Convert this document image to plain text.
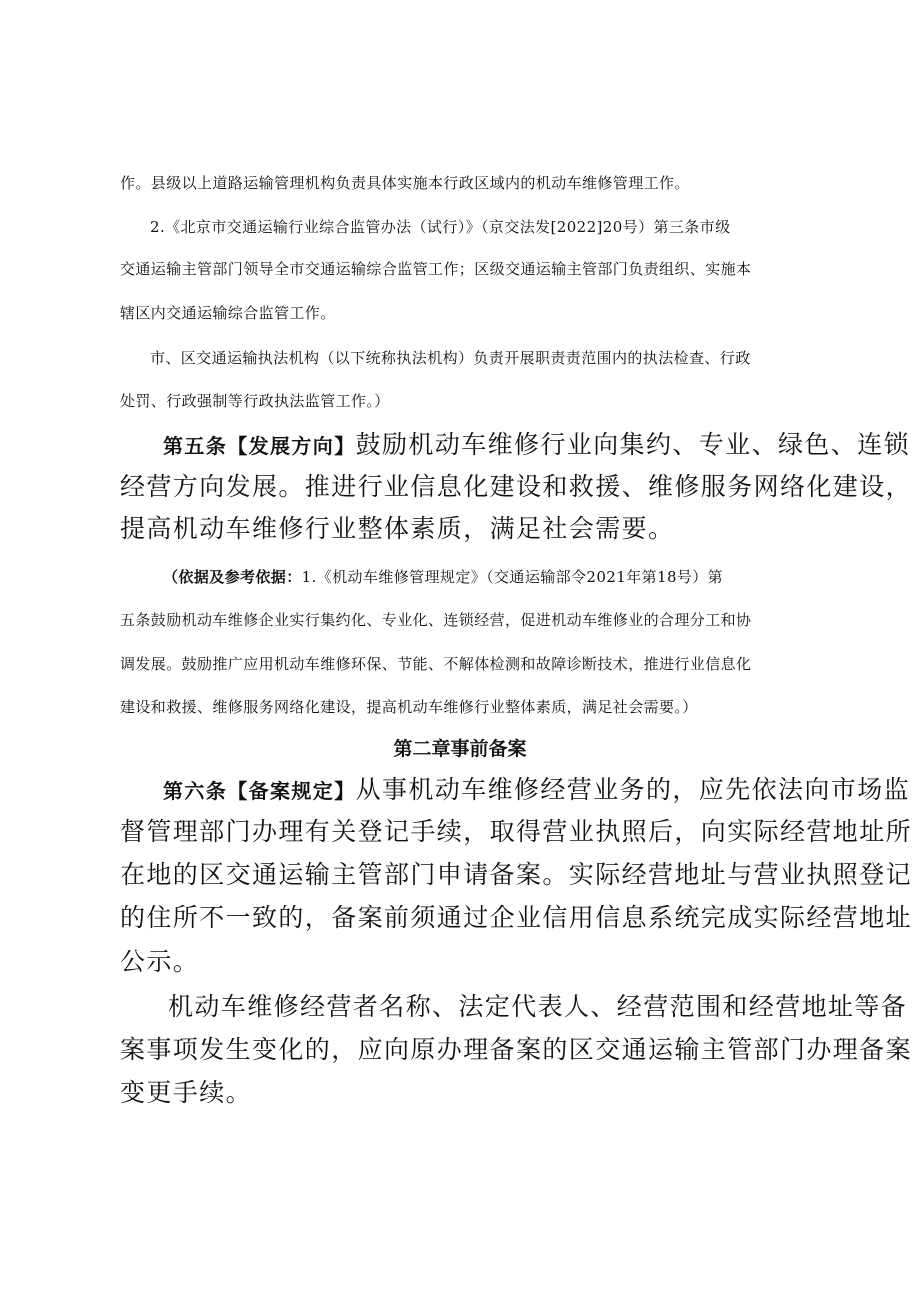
作。县级以上道路运输管理机构负责具体实施本行政区域内的机动车维修管理工作。

2.《北京市交通运输行业综合监管办法（试行）》（京交法发[2022]20号）第三条市级

交通运输主管部门领导全市交通运输综合监管工作；区级交通运输主管部门负责组织、实施本

辖区内交通运输综合监管工作。

市、区交通运输执法机构（以下统称执法机构）负责开展职责责范围内的执法检查、行政

处罚、行政强制等行政执法监管工作。）

第五条【发展方向】鼓励机动车维修行业向集约、专业、绿色、连锁

经营方向发展。推进行业信息化建设和救援、维修服务网络化建设，

提高机动车维修行业整体素质，满足社会需要。

（依据及参考依据：1.《机动车维修管理规定》（交通运输部令2021年第18号）第

五条鼓励机动车维修企业实行集约化、专业化、连锁经营，促进机动车维修业的合理分工和协

调发展。鼓励推广应用机动车维修环保、节能、不解体检测和故障诊断技术，推进行业信息化

建设和救援、维修服务网络化建设，提高机动车维修行业整体素质，满足社会需要。）

第二章事前备案

第六条【备案规定】从事机动车维修经营业务的，应先依法向市场监

督管理部门办理有关登记手续，取得营业执照后，向实际经营地址所

在地的区交通运输主管部门申请备案。实际经营地址与营业执照登记

的住所不一致的，备案前须通过企业信用信息系统完成实际经营地址

公示。

机动车维修经营者名称、法定代表人、经营范围和经营地址等备

案事项发生变化的，应向原办理备案的区交通运输主管部门办理备案

变更手续。
